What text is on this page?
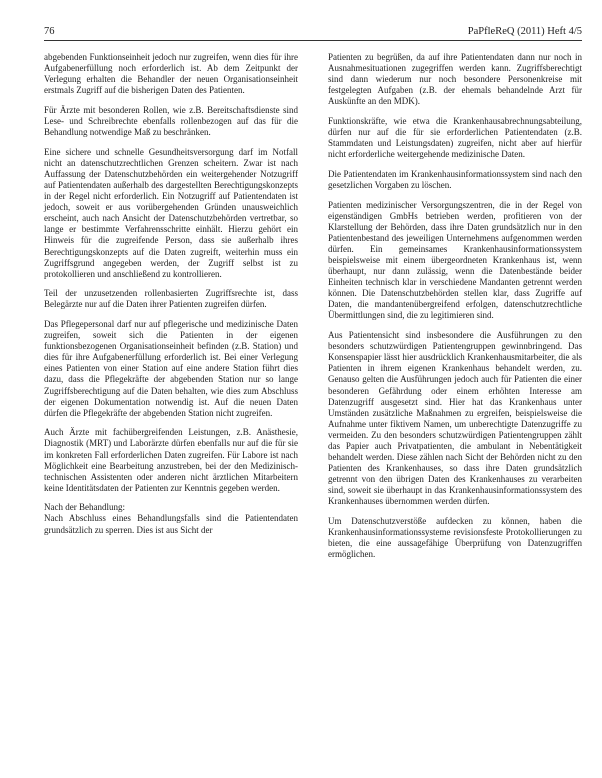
76	PaPfleReQ (2011) Heft 4/5

abgebenden Funktionseinheit jedoch nur zugreifen, wenn dies für ihre Aufgabenerfüllung noch erforderlich ist. Ab dem Zeitpunkt der Verlegung erhalten die Behandler der neuen Organisationseinheit erstmals Zugriff auf die bisherigen Daten des Patienten.

Für Ärzte mit besonderen Rollen, wie z.B. Bereitschaftsdienste sind Lese- und Schreibrechte ebenfalls rollenbezogen auf das für die Behandlung notwendige Maß zu beschränken.

Eine sichere und schnelle Gesundheitsversorgung darf im Notfall nicht an datenschutzrechtlichen Grenzen scheitern. Zwar ist nach Auffassung der Datenschutzbehörden ein weitergehender Notzugriff auf Patientendaten außerhalb des dargestellten Berechtigungskonzepts in der Regel nicht erforderlich. Ein Notzugriff auf Patientendaten ist jedoch, soweit er aus vorübergehenden Gründen unausweichlich erscheint, auch nach Ansicht der Datenschutzbehörden vertretbar, so lange er bestimmte Verfahrensschritte einhält. Hierzu gehört ein Hinweis für die zugreifende Person, dass sie außerhalb ihres Berechtigungskonzepts auf die Daten zugreift, weiterhin muss ein Zugriffsgrund angegeben werden, der Zugriff selbst ist zu protokollieren und anschließend zu kontrollieren.

Teil der unzusetzenden rollenbasierten Zugriffsrechte ist, dass Belegärzte nur auf die Daten ihrer Patienten zugreifen dürfen.

Das Pflegepersonal darf nur auf pflegerische und medizinische Daten zugreifen, soweit sich die Patienten in der eigenen funktionsbezogenen Organisationseinheit befinden (z.B. Station) und dies für ihre Aufgabenerfüllung erforderlich ist. Bei einer Verlegung eines Patienten von einer Station auf eine andere Station führt dies dazu, dass die Pflegekräfte der abgebenden Station nur so lange Zugriffsberechtigung auf die Daten behalten, wie dies zum Abschluss der eigenen Dokumentation notwendig ist. Auf die neuen Daten dürfen die Pflegekräfte der abgebenden Station nicht zugreifen.

Auch Ärzte mit fachübergreifenden Leistungen, z.B. Anästhesie, Diagnostik (MRT) und Laborärzte dürfen ebenfalls nur auf die für sie im konkreten Fall erforderlichen Daten zugreifen. Für Labore ist nach Möglichkeit eine Bearbeitung anzustreben, bei der den Medizinisch-technischen Assistenten oder anderen nicht ärztlichen Mitarbeitern keine Identitätsdaten der Patienten zur Kenntnis gegeben werden.

Nach der Behandlung:

Nach Abschluss eines Behandlungsfalls sind die Patientendaten grundsätzlich zu sperren. Dies ist aus Sicht der

Patienten zu begrüßen, da auf ihre Patientendaten dann nur noch in Ausnahmesituationen zugegriffen werden kann. Zugriffsberechtigt sind dann wiederum nur noch besondere Personenkreise mit festgelegten Aufgaben (z.B. der ehemals behandelnde Arzt für Auskünfte an den MDK).

Funktionskräfte, wie etwa die Krankenhausabrechnungsabteilung, dürfen nur auf die für sie erforderlichen Patientendaten (z.B. Stammdaten und Leistungsdaten) zugreifen, nicht aber auf hierfür nicht erforderliche weitergehende medizinische Daten.

Die Patientendaten im Krankenhausinformationssystem sind nach den gesetzlichen Vorgaben zu löschen.

Patienten medizinischer Versorgungszentren, die in der Regel von eigenständigen GmbHs betrieben werden, profitieren von der Klarstellung der Behörden, dass ihre Daten grundsätzlich nur in den Patientenbestand des jeweiligen Unternehmens aufgenommen werden dürfen. Ein gemeinsames Krankenhausinformationssystem beispielsweise mit einem übergeordneten Krankenhaus ist, wenn überhaupt, nur dann zulässig, wenn die Datenbestände beider Einheiten technisch klar in verschiedene Mandanten getrennt werden können. Die Datenschutzbehörden stellen klar, dass Zugriffe auf Daten, die mandantenübergreifend erfolgen, datenschutzrechtliche Übermittlungen sind, die zu legitimieren sind.

Aus Patientensicht sind insbesondere die Ausführungen zu den besonders schutzwürdigen Patientengruppen gewinnbringend. Das Konsenspapier lässt hier ausdrücklich Krankenhausmitarbeiter, die als Patienten in ihrem eigenen Krankenhaus behandelt werden, zu. Genauso gelten die Ausführungen jedoch auch für Patienten die einer besonderen Gefährdung oder einem erhöhten Interesse am Datenzugriff ausgesetzt sind. Hier hat das Krankenhaus unter Umständen zusätzliche Maßnahmen zu ergreifen, beispielsweise die Aufnahme unter fiktivem Namen, um unberechtigte Datenzugriffe zu vermeiden. Zu den besonders schutzwürdigen Patientengruppen zählt das Papier auch Privatpatienten, die ambulant in Nebentätigkeit behandelt werden. Diese zählen nach Sicht der Behörden nicht zu den Patienten des Krankenhauses, so dass ihre Daten grundsätzlich getrennt von den übrigen Daten des Krankenhauses zu verarbeiten sind, soweit sie überhaupt in das Krankenhausinformationssystem des Krankenhauses übernommen werden dürfen.

Um Datenschutzverstöße aufdecken zu können, haben die Krankenhausinformationssysteme revisionsfeste Protokollierungen zu bieten, die eine aussagefähige Überprüfung von Datenzugriffen ermöglichen.
